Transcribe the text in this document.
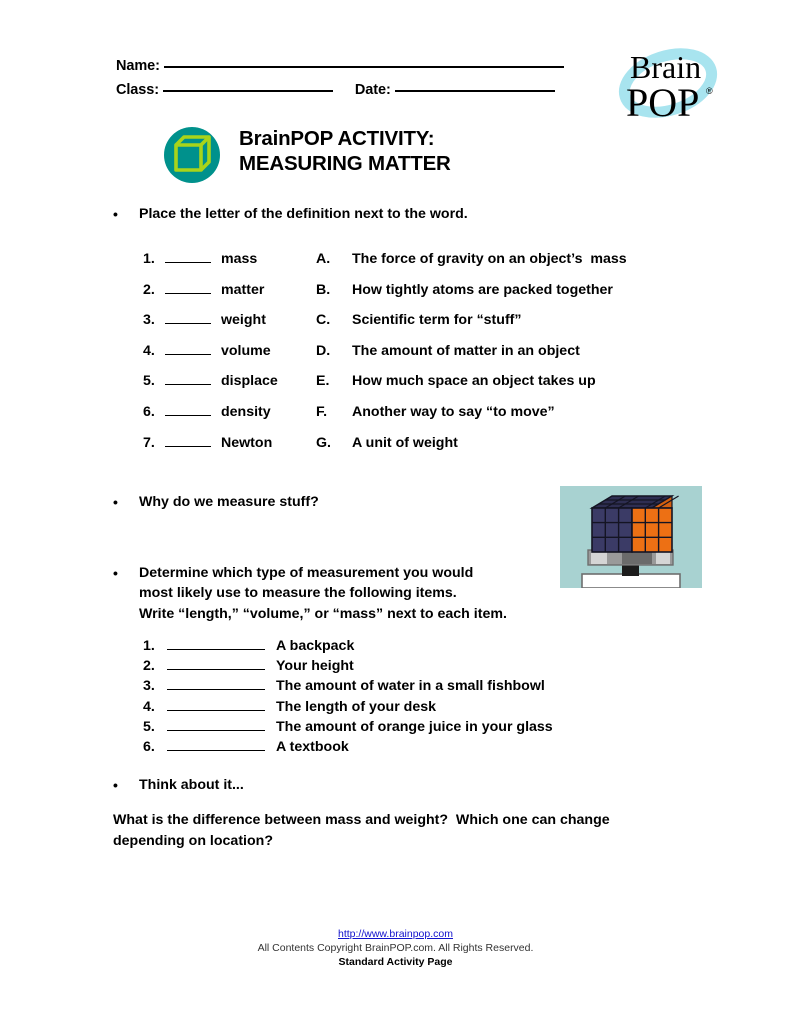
Name:
Class:	Date:
Brain
POP ®
BrainPOP ACTIVITY:
MEASURING MATTER
•	Place the letter of the definition next to the word.
1.	mass	A.	The force of gravity on an object’s  mass
2.	matter	B.	How tightly atoms are packed together
3.	weight	C.	Scientific term for “stuff”
4.	volume	D.	The amount of matter in an object
5.	displace	E.	How much space an object takes up
6.	density	F.	Another way to say “to move”
7.	Newton	G.	A unit of weight
•	Why do we measure stuff?
•	Determine which type of measurement you would
most likely use to measure the following items.
Write “length,” “volume,” or “mass” next to each item.
1.	A backpack
2.	Your height
3.	The amount of water in a small fishbowl
4.	The length of your desk
5.	The amount of orange juice in your glass
6.	A textbook
•	Think about it...
What is the difference between mass and weight?  Which one can change
depending on location?
http://www.brainpop.com
All Contents Copyright BrainPOP.com. All Rights Reserved.
Standard Activity Page
